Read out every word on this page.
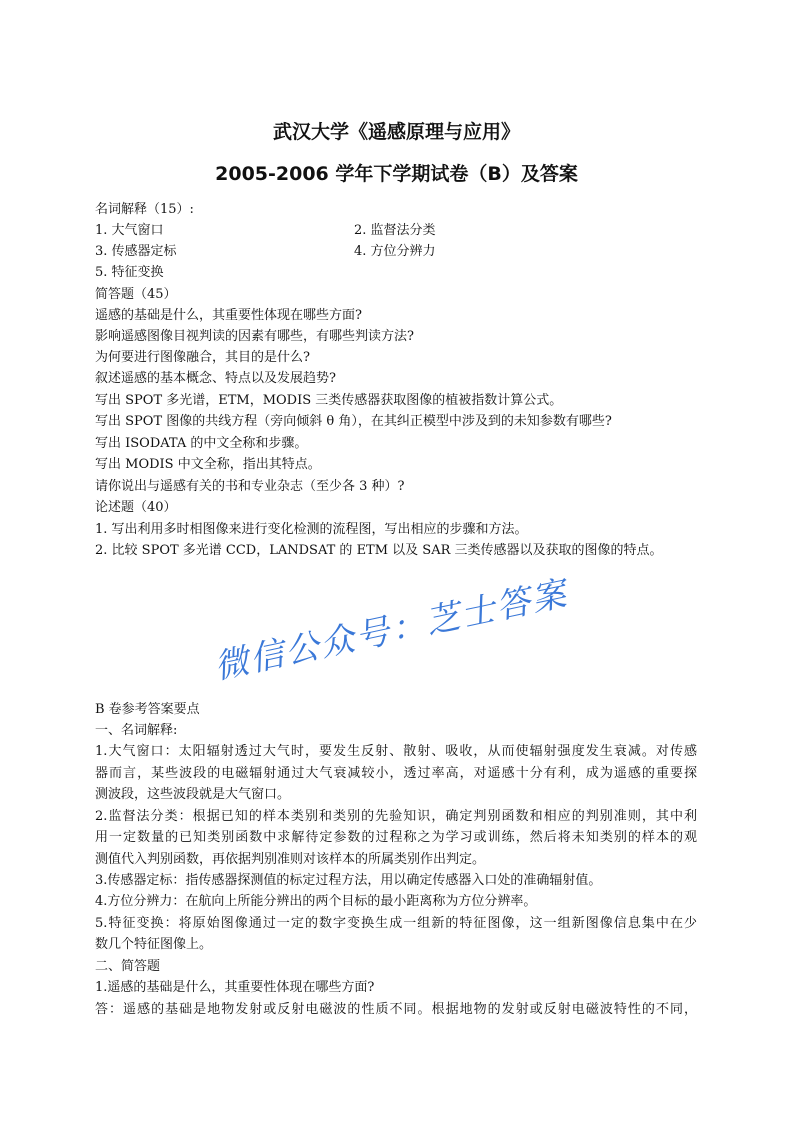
武汉大学《遥感原理与应用》
2005-2006 学年下学期试卷（B）及答案
名词解释（15）:
1. 大气窗口	2. 监督法分类
3. 传感器定标	4. 方位分辨力
5. 特征变换
简答题（45）
遥感的基础是什么，其重要性体现在哪些方面?
影响遥感图像目视判读的因素有哪些，有哪些判读方法?
为何要进行图像融合，其目的是什么?
叙述遥感的基本概念、特点以及发展趋势?
写出 SPOT 多光谱，ETM，MODIS 三类传感器获取图像的植被指数计算公式。
写出 SPOT 图像的共线方程（旁向倾斜 θ 角），在其纠正模型中涉及到的未知参数有哪些?
写出 ISODATA 的中文全称和步骤。
写出 MODIS 中文全称，指出其特点。
请你说出与遥感有关的书和专业杂志（至少各 3 种）?
论述题（40）
1. 写出利用多时相图像来进行变化检测的流程图，写出相应的步骤和方法。
2. 比较 SPOT 多光谱 CCD，LANDSAT 的 ETM 以及 SAR 三类传感器以及获取的图像的特点。
微信公众号：芝士答案
B 卷参考答案要点
一、名词解释:
1.大气窗口：太阳辐射透过大气时，要发生反射、散射、吸收，从而使辐射强度发生衰减。对传感
器而言，某些波段的电磁辐射通过大气衰减较小，透过率高，对遥感十分有利，成为遥感的重要探
测波段，这些波段就是大气窗口。
2.监督法分类：根据已知的样本类别和类别的先验知识，确定判别函数和相应的判别准则，其中利
用一定数量的已知类别函数中求解待定参数的过程称之为学习或训练，然后将未知类别的样本的观
测值代入判别函数，再依据判别准则对该样本的所属类别作出判定。
3.传感器定标：指传感器探测值的标定过程方法，用以确定传感器入口处的准确辐射值。
4.方位分辨力：在航向上所能分辨出的两个目标的最小距离称为方位分辨率。
5.特征变换：将原始图像通过一定的数字变换生成一组新的特征图像，这一组新图像信息集中在少
数几个特征图像上。
二、简答题
1.遥感的基础是什么，其重要性体现在哪些方面?
答：遥感的基础是地物发射或反射电磁波的性质不同。根据地物的发射或反射电磁波特性的不同，
